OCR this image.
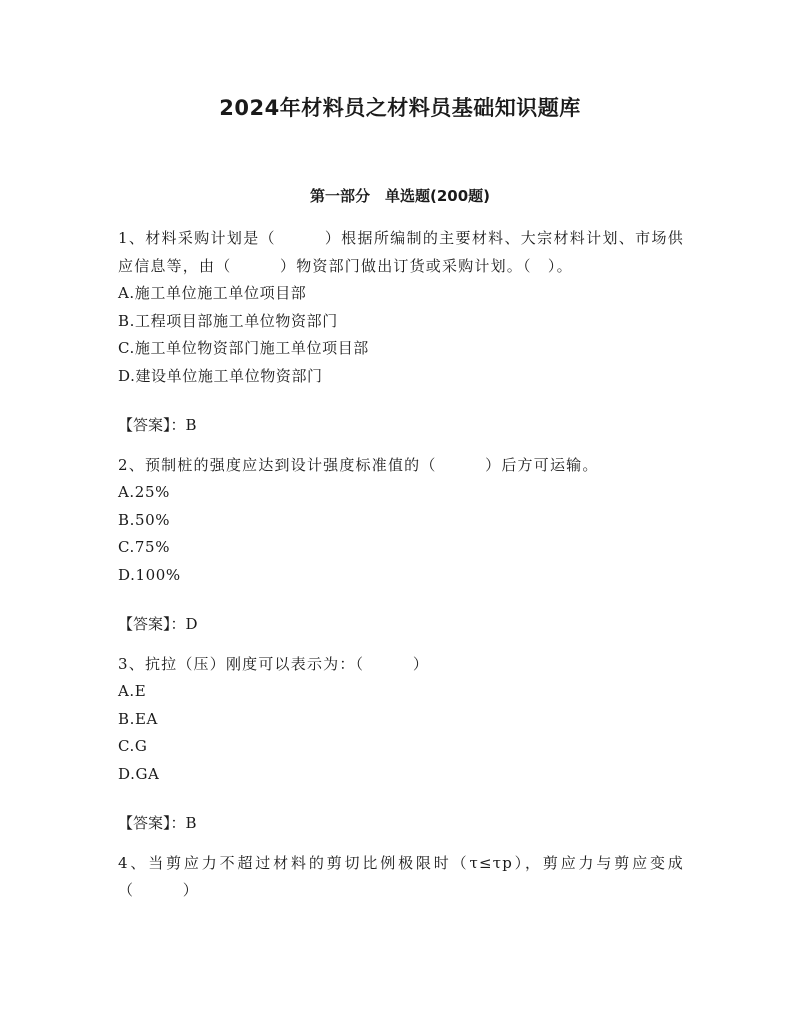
2024年材料员之材料员基础知识题库
第一部分　单选题(200题)

1、材料采购计划是（　　　）根据所编制的主要材料、大宗材料计划、市场供应信息等，由（　　　）物资部门做出订货或采购计划。（　）。

A.施工单位施工单位项目部
B.工程项目部施工单位物资部门
C.施工单位物资部门施工单位项目部
D.建设单位施工单位物资部门

【答案】：B

2、预制桩的强度应达到设计强度标准值的（　　　）后方可运输。

A.25%
B.50%
C.75%
D.100%

【答案】：D

3、抗拉（压）刚度可以表示为：（　　　）

A.E
B.EA
C.G
D.GA

【答案】：B

4、当剪应力不超过材料的剪切比例极限时（τ≤τp），剪应力与剪应变成（　　　）
